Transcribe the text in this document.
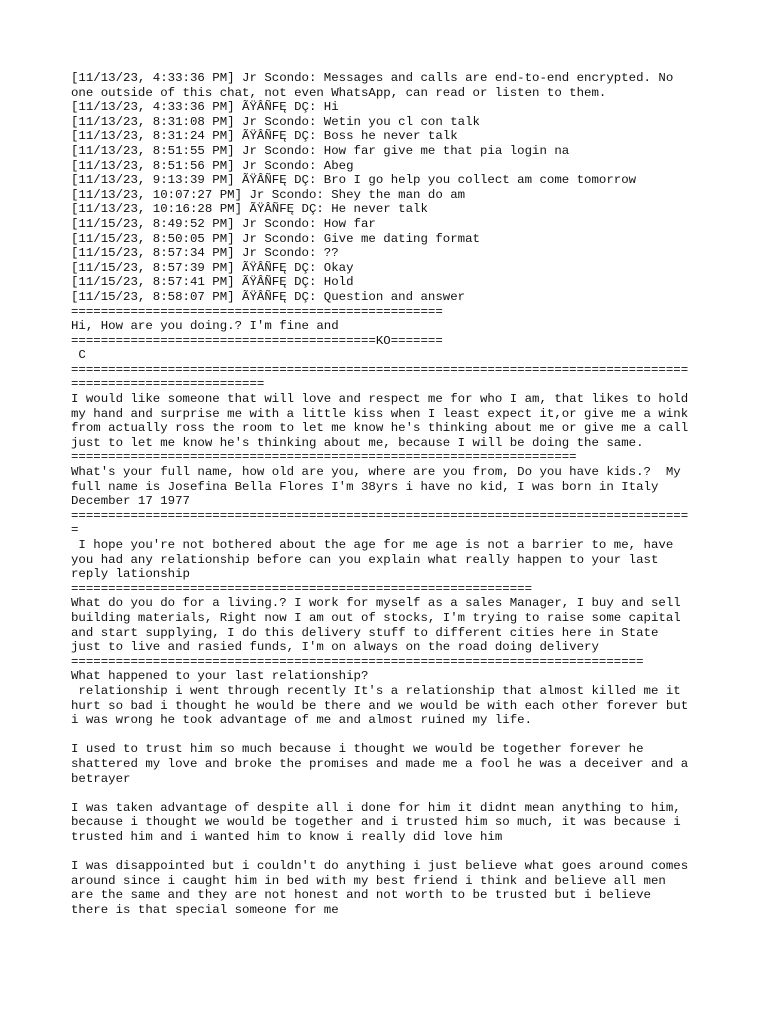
[11/13/23, 4:33:36 PM] Jr Scondo: Messages and calls are end-to-end encrypted. No
one outside of this chat, not even WhatsApp, can read or listen to them.
[11/13/23, 4:33:36 PM] ÃŸÂÑFĘ DÇ: Hi
[11/13/23, 8:31:08 PM] Jr Scondo: Wetin you cl con talk
[11/13/23, 8:31:24 PM] ÃŸÂÑFĘ DÇ: Boss he never talk
[11/13/23, 8:51:55 PM] Jr Scondo: How far give me that pia login na
[11/13/23, 8:51:56 PM] Jr Scondo: Abeg
[11/13/23, 9:13:39 PM] ÃŸÂÑFĘ DÇ: Bro I go help you collect am come tomorrow
[11/13/23, 10:07:27 PM] Jr Scondo: Shey the man do am
[11/13/23, 10:16:28 PM] ÃŸÂÑFĘ DÇ: He never talk
[11/15/23, 8:49:52 PM] Jr Scondo: How far
[11/15/23, 8:50:05 PM] Jr Scondo: Give me dating format
[11/15/23, 8:57:34 PM] Jr Scondo: ??
[11/15/23, 8:57:39 PM] ÃŸÂÑFĘ DÇ: Okay
[11/15/23, 8:57:41 PM] ÃŸÂÑFĘ DÇ: Hold
[11/15/23, 8:58:07 PM] ÃŸÂÑFĘ DÇ: Question and answer
==================================================
Hi, How are you doing.? I'm fine and
=========================================KO=======
C
===================================================================================
==========================
I would like someone that will love and respect me for who I am, that likes to hold
my hand and surprise me with a little kiss when I least expect it,or give me a wink
from actually ross the room to let me know he's thinking about me or give me a call
just to let me know he's thinking about me, because I will be doing the same.
====================================================================
What's your full name, how old are you, where are you from, Do you have kids.?  My
full name is Josefina Bella Flores I'm 38yrs i have no kid, I was born in Italy
December 17 1977
===================================================================================
=
I hope you're not bothered about the age for me age is not a barrier to me, have
you had any relationship before can you explain what really happen to your last
reply lationship
==============================================================
What do you do for a living.? I work for myself as a sales Manager, I buy and sell
building materials, Right now I am out of stocks, I'm trying to raise some capital
and start supplying, I do this delivery stuff to different cities here in State
just to live and rasied funds, I'm on always on the road doing delivery
=============================================================================
What happened to your last relationship?
relationship i went through recently It's a relationship that almost killed me it
hurt so bad i thought he would be there and we would be with each other forever but
i was wrong he took advantage of me and almost ruined my life.
I used to trust him so much because i thought we would be together forever he
shattered my love and broke the promises and made me a fool he was a deceiver and a
betrayer
I was taken advantage of despite all i done for him it didnt mean anything to him,
because i thought we would be together and i trusted him so much, it was because i
trusted him and i wanted him to know i really did love him
I was disappointed but i couldn't do anything i just believe what goes around comes
around since i caught him in bed with my best friend i think and believe all men
are the same and they are not honest and not worth to be trusted but i believe
there is that special someone for me
